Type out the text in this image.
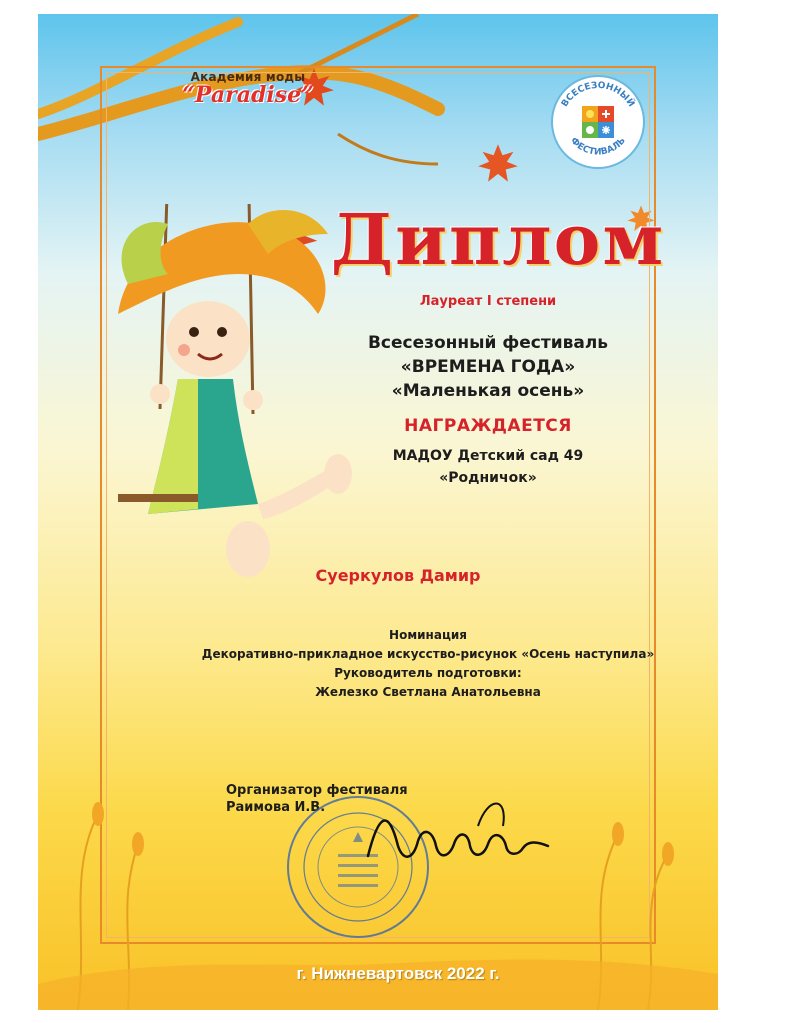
Академия моды
“Paradise”	ВСЕСЕЗОННЫЙ
ФЕСТИВАЛЬ
Диплом
Лауреат I степени
Всесезонный фестиваль
«ВРЕМЕНА ГОДА»
«Маленькая осень»
НАГРАЖДАЕТСЯ
МАДОУ Детский сад 49
«Родничок»
Суеркулов Дамир
Номинация
Декоративно-прикладное искусство-рисунок «Осень наступила»
Руководитель подготовки:
Железко Светлана Анатольевна
Организатор фестиваля
Раимова И.В.
г. Нижневартовск 2022 г.
